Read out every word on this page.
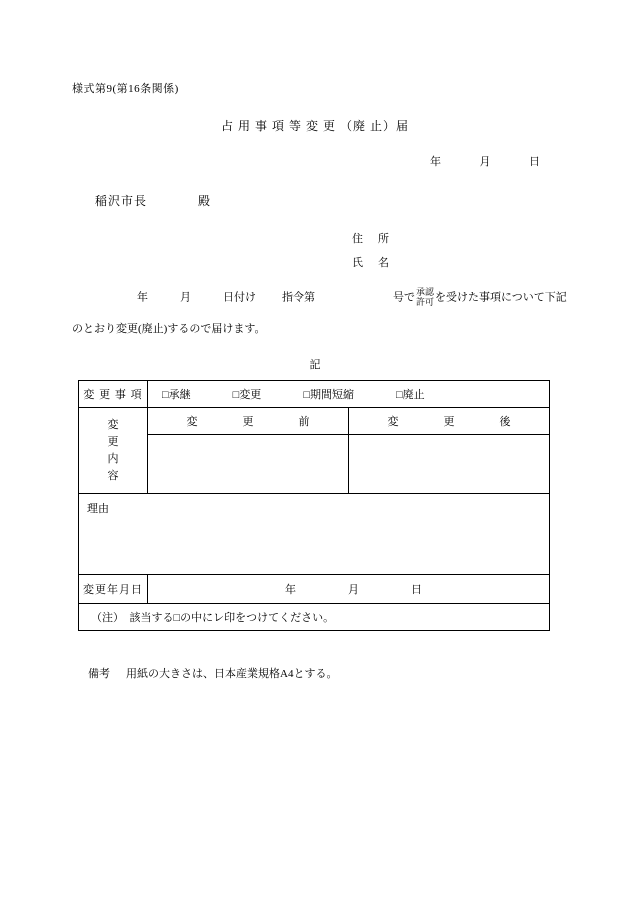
様式第9(第16条関係)
占 用 事 項 等 変 更 （廃 止）届
年	月	日
稲沢市長	殿
住　所
氏　名
年	月	日付け 指令第	号で 承認
許可 を受けた事項について下記
のとおり変更(廃止)するので届けます。
記
変 更 事 項	□承継 □変更 □期間短縮 □廃止	
変
更
内
容	変 更 前	変 更 後

理由		
変更年月日	年 月 日	

（注）　該当する□の中にレ印をつけてください。		
備考 用紙の大きさは、日本産業規格A4とする。
